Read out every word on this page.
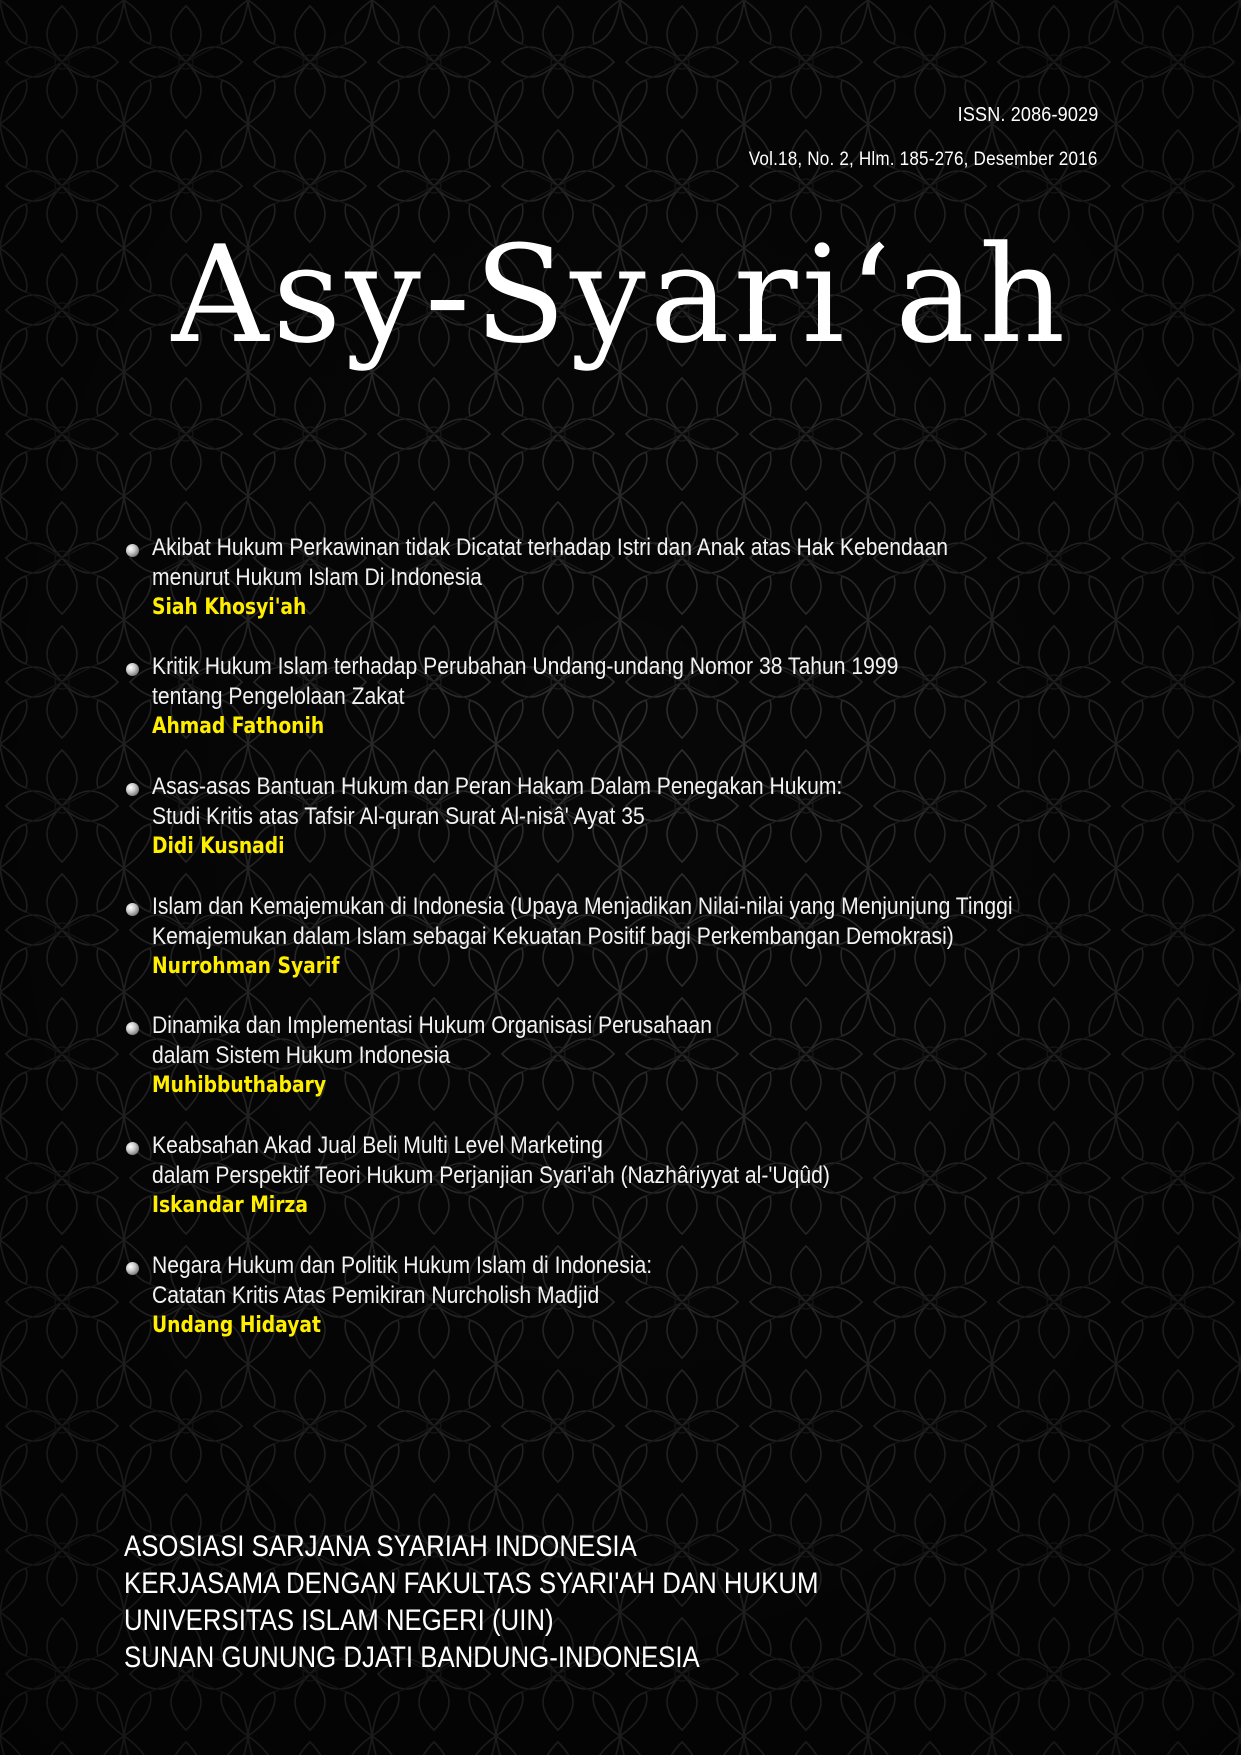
ISSN. 2086-9029
Vol.18, No. 2, Hlm. 185-276, Desember 2016
Asy-Syari‘ah
Akibat Hukum Perkawinan tidak Dicatat terhadap Istri dan Anak atas Hak Kebendaan
menurut Hukum Islam Di Indonesia
Siah Khosyi'ah
Kritik Hukum Islam terhadap Perubahan Undang-undang Nomor 38 Tahun 1999
tentang Pengelolaan Zakat
Ahmad Fathonih
Asas-asas Bantuan Hukum dan Peran Hakam Dalam Penegakan Hukum:
Studi Kritis atas Tafsir Al-quran Surat Al-nisâ' Ayat 35
Didi Kusnadi
Islam dan Kemajemukan di Indonesia (Upaya Menjadikan Nilai-nilai yang Menjunjung Tinggi
Kemajemukan dalam Islam sebagai Kekuatan Positif bagi Perkembangan Demokrasi)
Nurrohman Syarif
Dinamika dan Implementasi Hukum Organisasi Perusahaan
dalam Sistem Hukum Indonesia
Muhibbuthabary
Keabsahan Akad Jual Beli Multi Level Marketing
dalam Perspektif Teori Hukum Perjanjian Syari'ah (Nazhâriyyat al-'Uqûd)
Iskandar Mirza
Negara Hukum dan Politik Hukum Islam di Indonesia:
Catatan Kritis Atas Pemikiran Nurcholish Madjid
Undang Hidayat
ASOSIASI SARJANA SYARIAH INDONESIA
KERJASAMA DENGAN FAKULTAS SYARI'AH DAN HUKUM
UNIVERSITAS ISLAM NEGERI (UIN)
SUNAN GUNUNG DJATI BANDUNG-INDONESIA
